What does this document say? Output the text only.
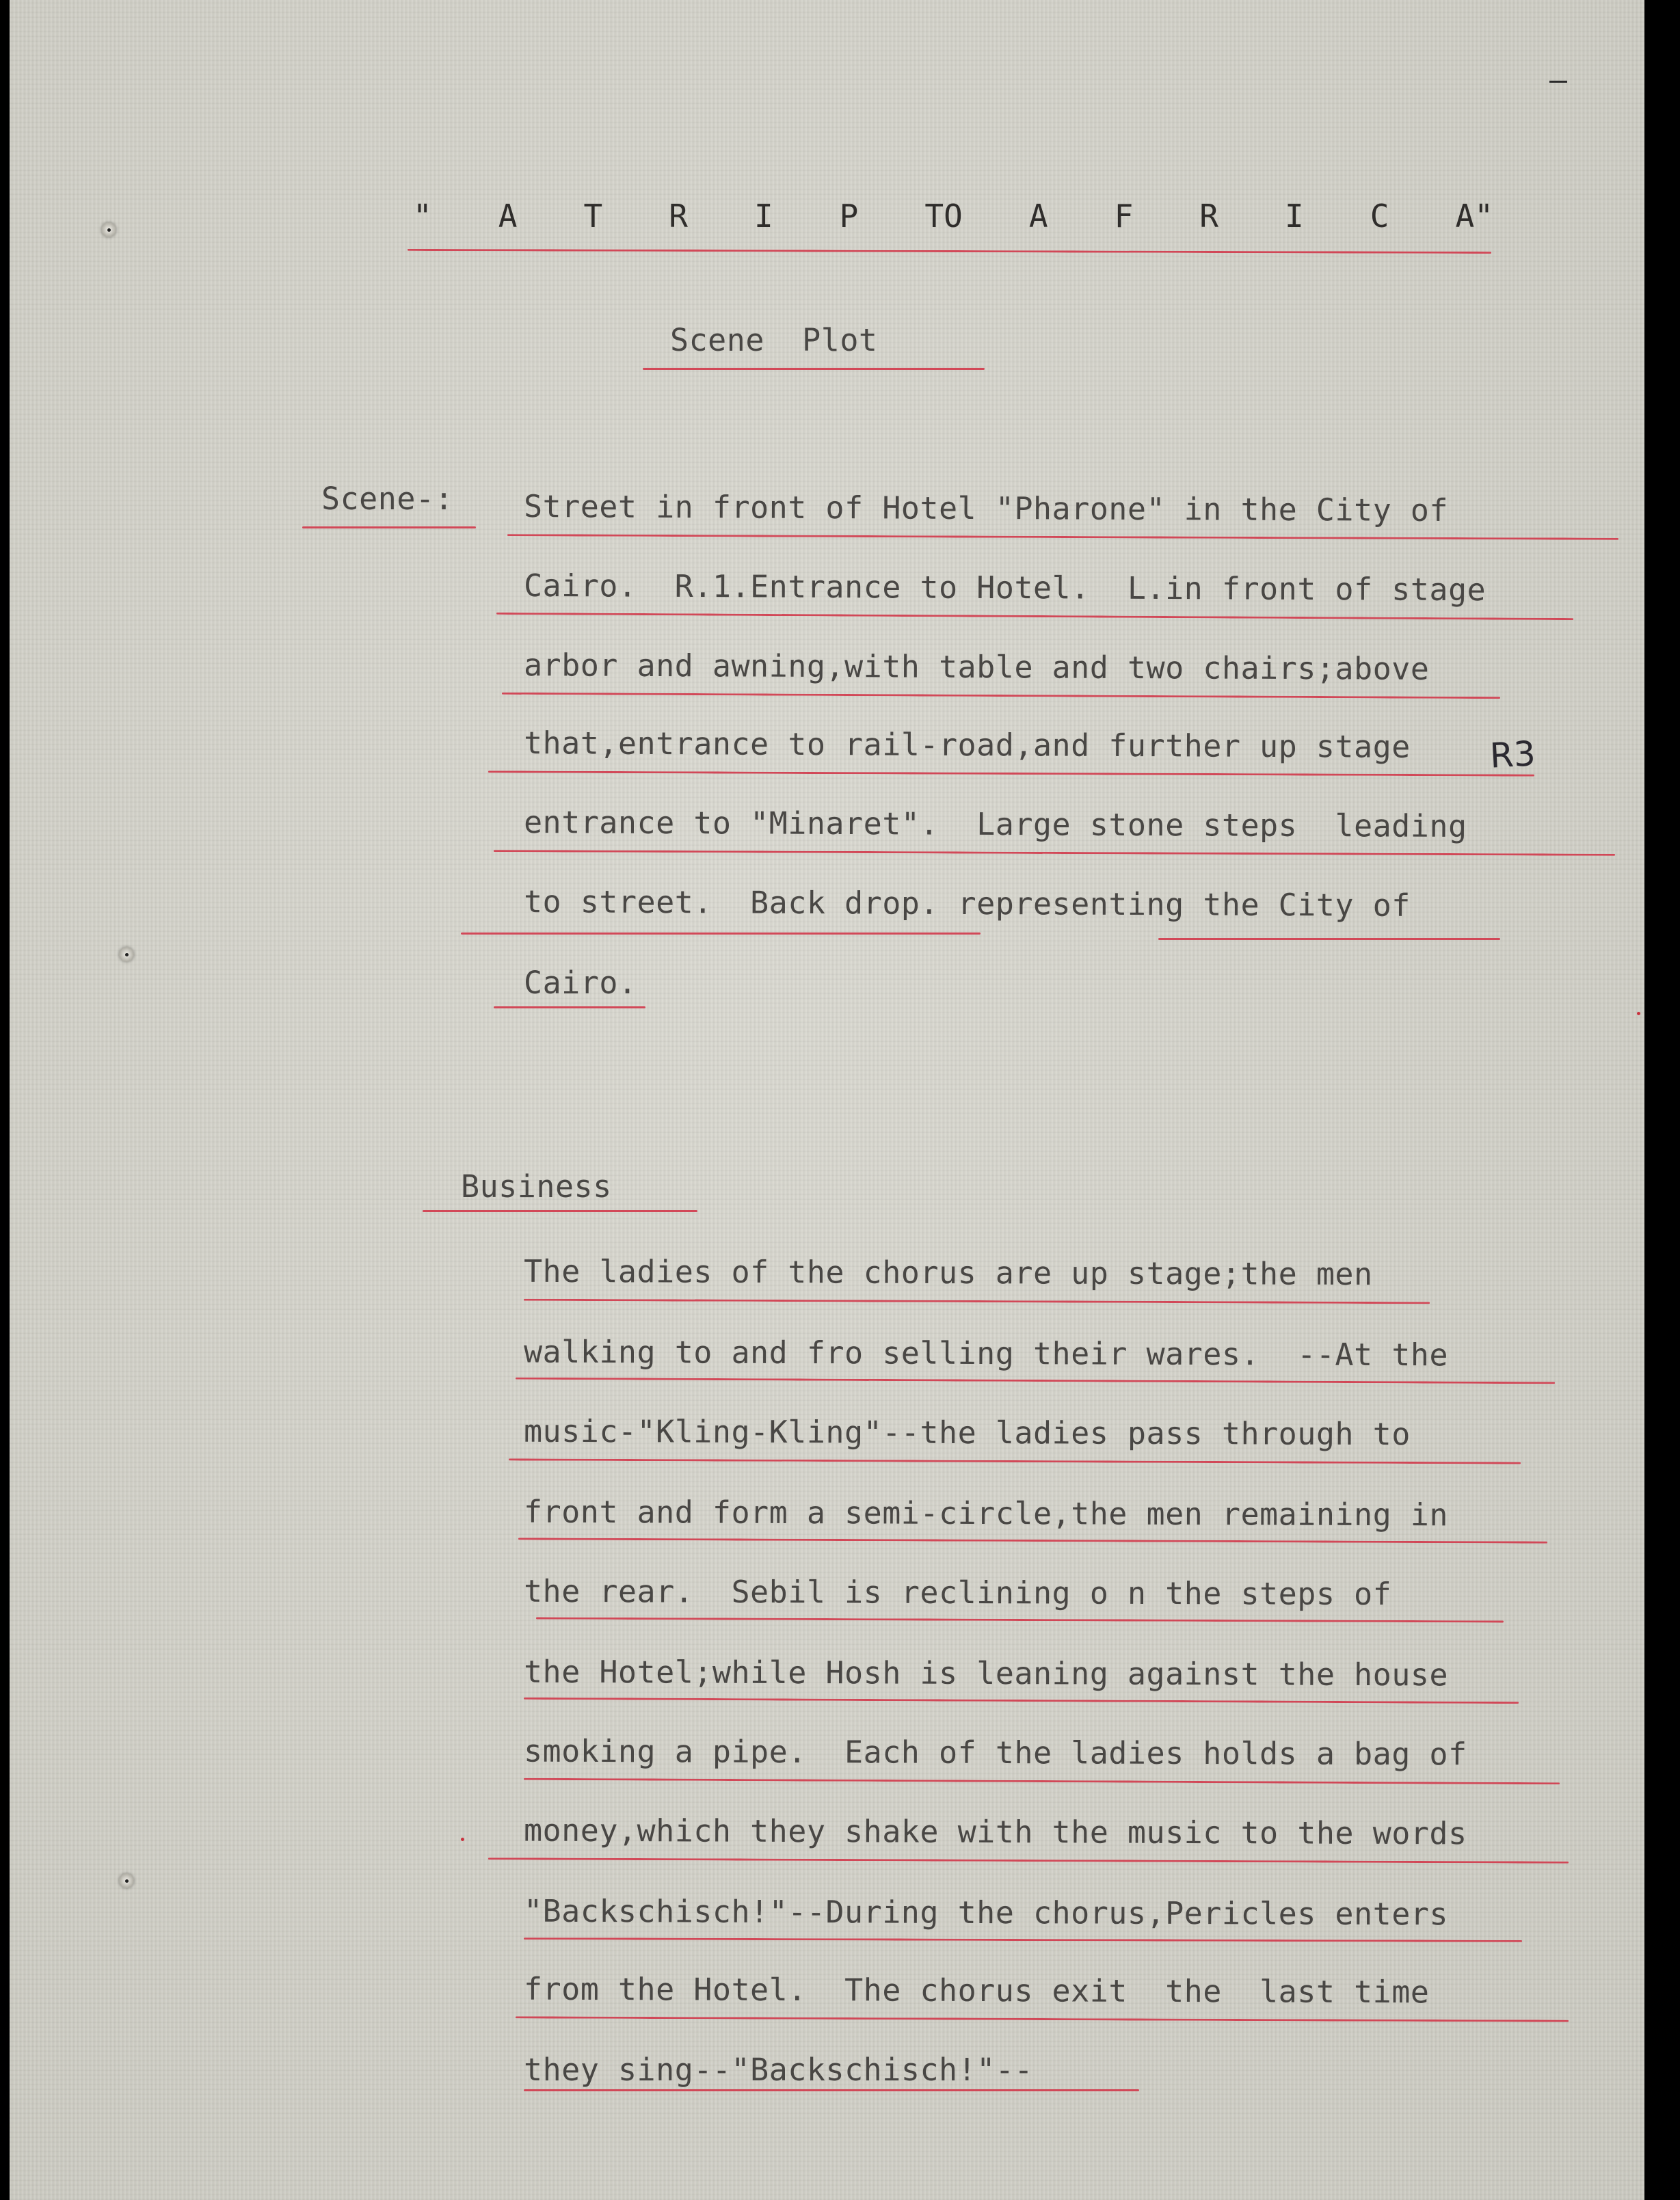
" A T R I P TO A F R I C A"

Scene  Plot

Scene-: Street in front of Hotel "Pharone" in the City of

Cairo.  R.1.Entrance to Hotel.  L.in front of stage

arbor and awning,with table and two chairs;above

that,entrance to rail-road,and further up stage R3

entrance to "Minaret".  Large stone steps  leading

to street.  Back drop. representing the City of

Cairo.

Business

The ladies of the chorus are up stage;the men

walking to and fro selling their wares.  --At the

music-"Kling-Kling"--the ladies pass through to

front and form a semi-circle,the men remaining in

the rear.  Sebil is reclining o n the steps of

the Hotel;while Hosh is leaning against the house

smoking a pipe.  Each of the ladies holds a bag of

money,which they shake with the music to the words

"Backschisch!"--During the chorus,Pericles enters

from the Hotel.  The chorus exit  the  last time

they sing--"Backschisch!"--
